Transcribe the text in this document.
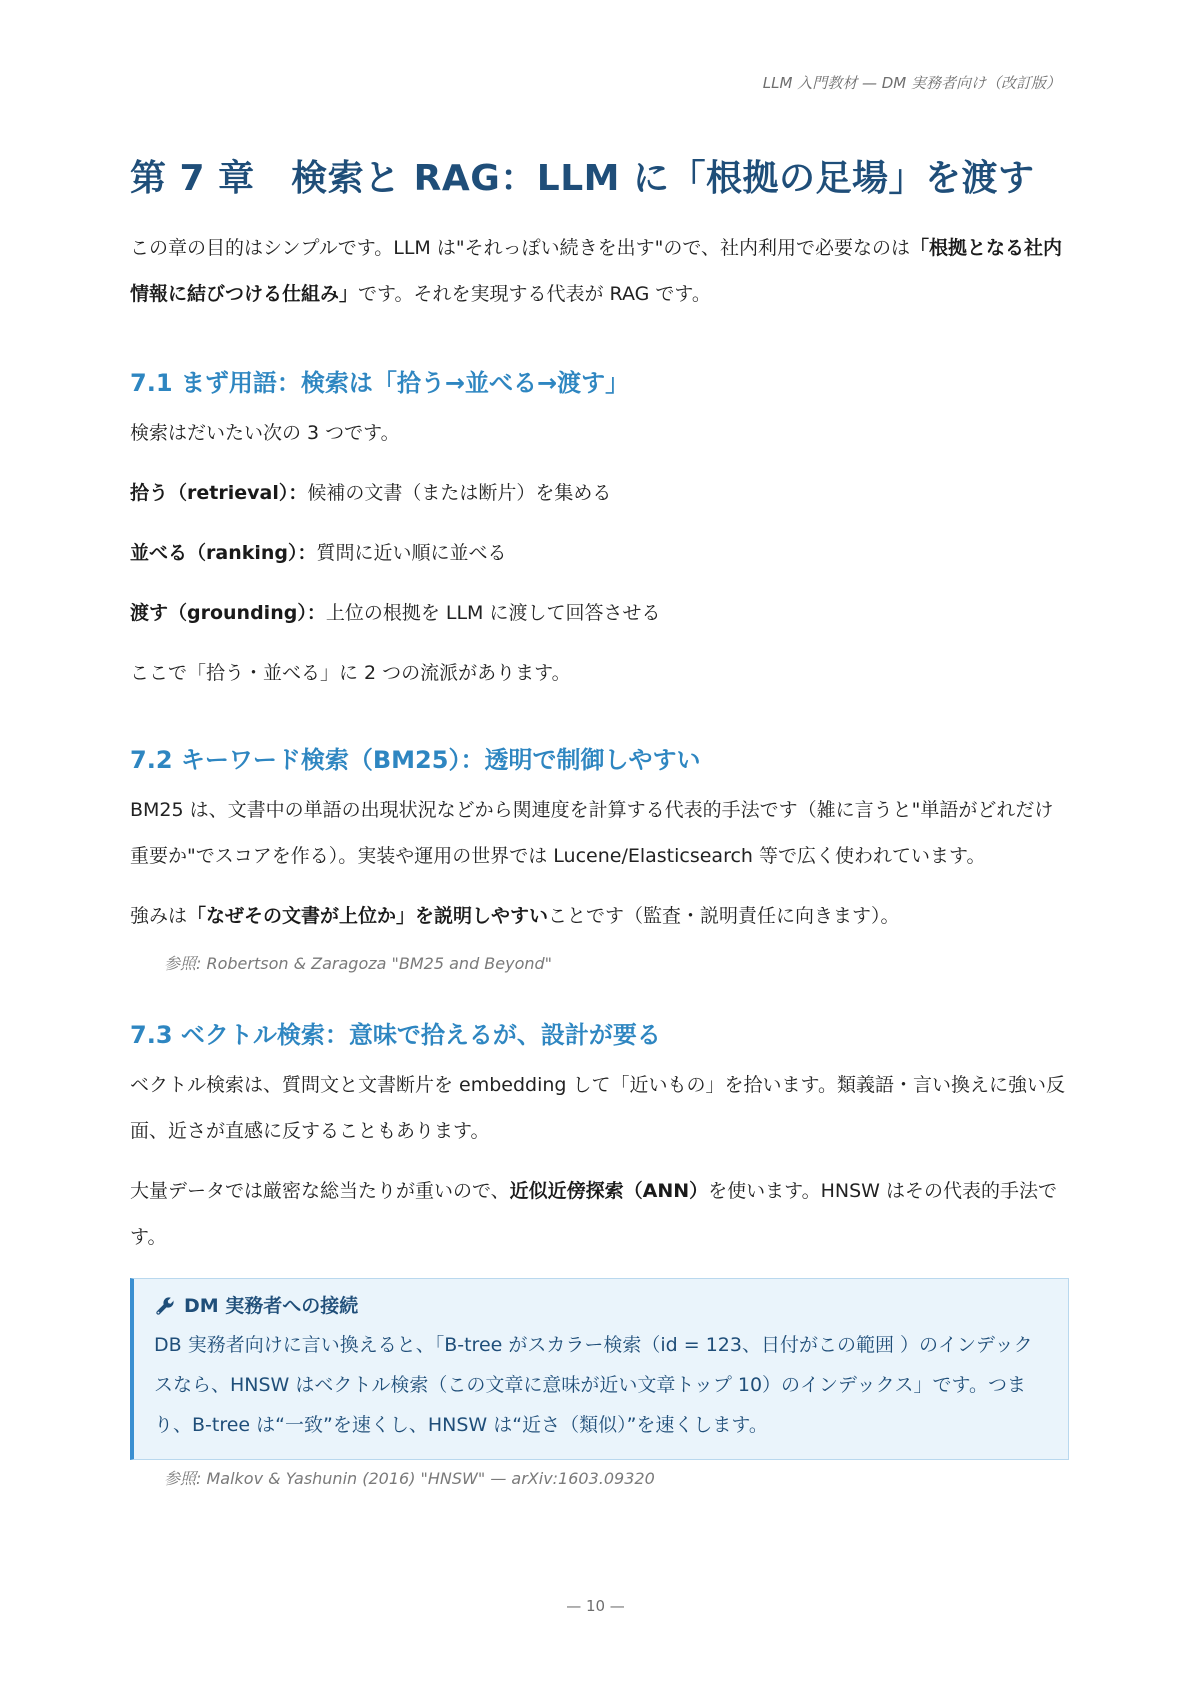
LLM 入門教材 — DM 実務者向け（改訂版）
第 7 章　検索と RAG：LLM に「根拠の足場」を渡す

この章の目的はシンプルです。LLM は"それっぽい続きを出す"ので、社内利用で必要なのは「根拠となる社内情報に結びつける仕組み」です。それを実現する代表が RAG です。

7.1 まず用語：検索は「拾う→並べる→渡す」

検索はだいたい次の 3 つです。

拾う（retrieval）：候補の文書（または断片）を集める

並べる（ranking）：質問に近い順に並べる

渡す（grounding）：上位の根拠を LLM に渡して回答させる

ここで「拾う・並べる」に 2 つの流派があります。

7.2 キーワード検索（BM25）：透明で制御しやすい

BM25 は、文書中の単語の出現状況などから関連度を計算する代表的手法です（雑に言うと"単語がどれだけ重要か"でスコアを作る）。実装や運用の世界では Lucene/Elasticsearch 等で広く使われています。

強みは「なぜその文書が上位か」を説明しやすいことです（監査・説明責任に向きます）。

参照: Robertson & Zaragoza "BM25 and Beyond"
7.3 ベクトル検索：意味で拾えるが、設計が要る

ベクトル検索は、質問文と文書断片を embedding して「近いもの」を拾います。類義語・言い換えに強い反面、近さが直感に反することもあります。

大量データでは厳密な総当たりが重いので、近似近傍探索（ANN）を使います。HNSW はその代表的手法です。

DM 実務者への接続
DB 実務者向けに言い換えると、「B-tree がスカラー検索（id = 123、日付がこの範囲 ）のインデックスなら、HNSW はベクトル検索（この文章に意味が近い文章トップ 10）のインデックス」です。つまり、B-tree は“一致”を速くし、HNSW は“近さ（類似）”を速くします。
参照: Malkov & Yashunin (2016) "HNSW" — arXiv:1603.09320
— 10 —
